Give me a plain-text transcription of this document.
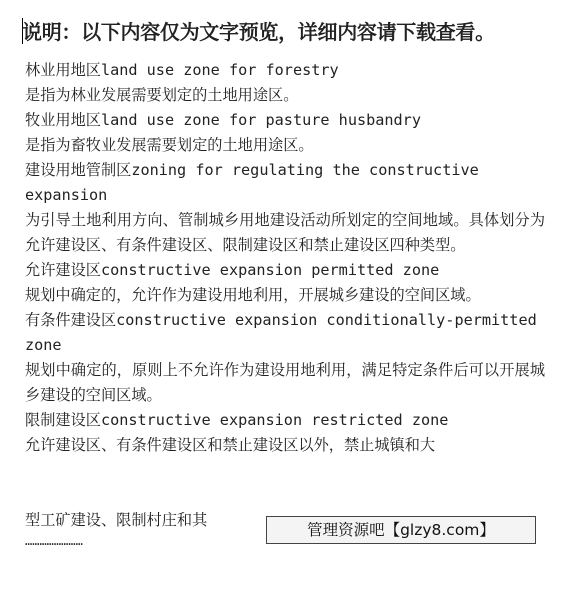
说明：以下内容仅为文字预览，详细内容请下载查看。

林业用地区land use zone for forestry

是指为林业发展需要划定的土地用途区。

牧业用地区land use zone for pasture husbandry

是指为畜牧业发展需要划定的土地用途区。

建设用地管制区zoning for regulating the constructive expansion

为引导土地利用方向、管制城乡用地建设活动所划定的空间地域。具体划分为允许建设区、有条件建设区、限制建设区和禁止建设区四种类型。

允许建设区constructive expansion permitted zone

规划中确定的，允许作为建设用地利用，开展城乡建设的空间区域。

有条件建设区constructive expansion conditionally-permitted zone

规划中确定的，原则上不允许作为建设用地利用，满足特定条件后可以开展城乡建设的空间区域。

限制建设区constructive expansion restricted zone

允许建设区、有条件建设区和禁止建设区以外，禁止城镇和大

型工矿建设、限制村庄和其
……………………
管理资源吧【glzy8.com】
